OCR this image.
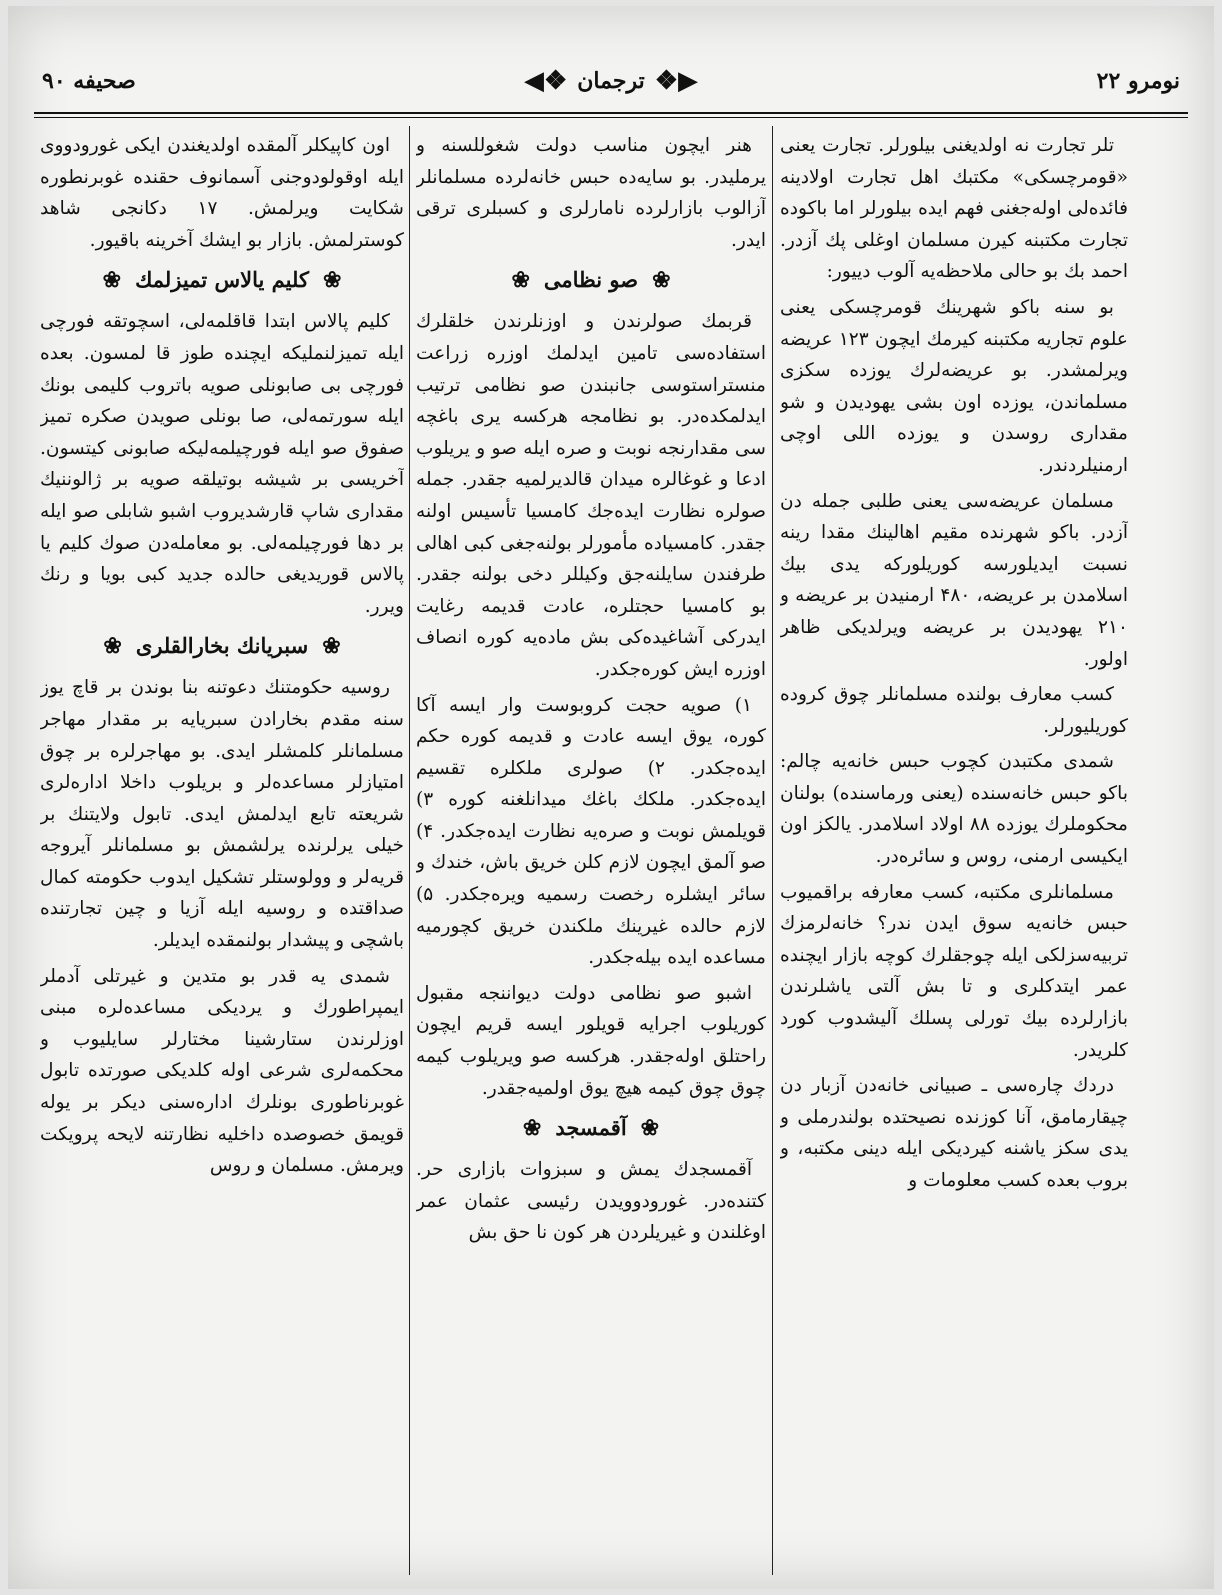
نومرو ۲۲
◀❖ ترجمان ❖▶
صحیفه ۹۰

تلر تجارت نه اولدیغنی بیلورلر. تجارت یعنی «قومرچسکی» مکتبك اهل تجارت اولادینه فائده‌لی اوله‌جغنی فهم ایده بیلورلر اما باکوده تجارت مکتبنه کیرن مسلمان اوغلی پك آزدر. احمد بك بو حالی ملاحظه‌یه آلوب دییور:

بو سنه باکو شهرینك قومرچسکی یعنی علوم تجاریه مکتبنه کیرمك ایچون ۱۲۳ عریضه ویرلمشدر. بو عریضه‌لرك یوزده سکزی مسلماندن، یوزده اون بشی یهودیدن و شو مقداری روسدن و یوزده اللی اوچی ارمنیلردندر.

مسلمان عریضه‌سی یعنی طلبی جمله دن آزدر. باکو شهرنده مقیم اهالینك مقدا رینه نسبت ایدیلورسه کوریلورکه یدی بیك اسلامدن بر عریضه، ۴۸۰ ارمنیدن بر عریضه و ۲۱۰ یهودیدن بر عریضه ویرلدیکی ظاهر اولور.

کسب معارف بولنده مسلمانلر چوق کروده کوریلیورلر.

شمدی مکتبدن کچوب حبس خانه‌یه چالم: باکو حبس خانه‌سنده (یعنی ورماسنده) بولنان محکوملرك یوزده ۸۸ اولاد اسلامدر. یالکز اون ایکیسی ارمنی، روس و سائره‌در.

مسلمانلری مکتبه، کسب معارفه براقمیوب حبس خانه‌یه سوق ایدن ندر؟ خانه‌لرمزك تربیه‌سزلکی ایله چوجقلرك کوچه بازار ایچنده عمر ایتدکلری و تا بش آلتی یاشلرندن بازارلرده بیك تورلی پسلك آلیشدوب کورد کلریدر.

دردك چاره‌سی ـ صبیانی خانه‌دن آزبار دن چیقارمامق، آنا کوزنده نصیحتده بولندرملی و یدی سکز یاشنه کیردیکی ایله دینی مکتبه، و بروب بعده کسب معلومات و

هنر ایچون مناسب دولت شغوللسنه و یرملیدر. بو سایه‌ده حبس خانه‌لرده مسلمانلر آزالوب بازارلرده نامارلری و کسبلری ترقی ایدر.

❀
صو نظامی
❀

قربمك صولرندن و اوزنلرندن خلقلرك استفاده‌سی تامین ایدلمك اوزره زراعت منستراستوسی جانبندن صو نظامی ترتیب ایدلمکده‌در. بو نظامجه هرکسه یری باغچه سی مقدارنجه نوبت و صره ایله صو و یریلوب ادعا و غوغالره میدان قالدیرلمیه جقدر. جمله صولره نظارت ایده‌جك کامسیا تأسیس اولنه جقدر. کامسیاده مأمورلر بولنه‌جغی کبی اهالی طرفندن سایلنه‌جق وکیللر دخی بولنه جقدر. بو کامسیا حجتلره، عادت قدیمه رغایت ایدرکی آشاغیده‌کی بش ماده‌یه کوره انصاف اوزره ایش کوره‌جکدر.

۱) صویه حجت کروبوست وار ایسه آکا کوره، یوق ایسه عادت و قدیمه کوره حکم ایده‌جکدر. ۲) صولری ملکلره تقسیم ایده‌جکدر. ملکك باغك میدانلغنه کوره ۳) قویلمش نوبت و صره‌یه نظارت ایده‌جکدر. ۴) صو آلمق ایچون لازم کلن خریق باش، خندك و سائر ایشلره رخصت رسمیه ویره‌جکدر. ۵) لازم حالده غیرینك ملکندن خریق کچورمیه مساعده ایده بیله‌جکدر.

اشبو صو نظامی دولت دیواننجه مقبول کوریلوب اجرایه قویلور ایسه قریم ایچون راحتلق اوله‌جقدر. هرکسه صو ویریلوب کیمه چوق چوق کیمه هیچ یوق اولمیه‌جقدر.

❀
آقمسجد
❀

آقمسجدك یمش و سبزوات بازاری حر. کتنده‌در. غورودوویدن رئیسی عثمان عمر اوغلندن و غیریلردن هر کون نا حق بش

اون کاپیکلر آلمقده اولدیغندن ایکی غورودووی ایله اوقولودوجنی آسمانوف حقنده غوبرنطوره شکایت ویرلمش. ۱۷ دکانجی شاهد کوسترلمش. بازار بو ایشك آخرینه باقیور.

❀
کلیم یالاس تمیزلمك
❀

کلیم پالاس ابتدا قاقلمه‌لی، اسچوتقه فورچی ایله تمیزلنملیکه ایچنده طوز قا لمسون. بعده فورچی بی صابونلی صویه باتروب کلیمی بونك ایله سورتمه‌لی، صا بونلی صویدن صکره تمیز صفوق صو ایله فورچیلمه‌لیکه صابونی کیتسون. آخریسی بر شیشه بوتیلقه صویه بر ژالوننیك مقداری شاپ قارشدیروب اشبو شابلی صو ایله بر دها فورچیلمه‌لی. بو معامله‌دن صوك کلیم یا پالاس قوریدیغی حالده جدید کبی بویا و رنك ویرر.

❀
سبریانك بخارالقلری
❀

روسیه حکومتنك دعوتنه بنا بوندن بر قاچ یوز سنه مقدم بخارادن سبریایه بر مقدار مهاجر مسلمانلر کلمشلر ایدی. بو مهاجرلره بر چوق امتیازلر مساعده‌لر و بریلوب داخلا اداره‌لری شریعته تابع ایدلمش ایدی. تابول ولایتنك بر خیلی یرلرنده یرلشمش بو مسلمانلر آیروجه قریه‌لر و وولوستلر تشکیل ایدوب حکومته کمال صداقتده و روسیه ایله آزیا و چین تجارتنده باشچی و پیشدار بولنمقده ایدیلر.

شمدی یه قدر بو متدین و غیرتلی آدملر ایمپراطورك و یردیکی مساعده‌لره مبنی اوزلرندن ستارشینا مختارلر سایلیوب و محکمه‌لری شرعی اوله کلدیکی صورتده تابول غوبرناطوری بونلرك اداره‌سنی دیکر بر یوله قویمق خصوصده داخلیه نظارتنه لایحه پرویکت ویرمش. مسلمان و روس
